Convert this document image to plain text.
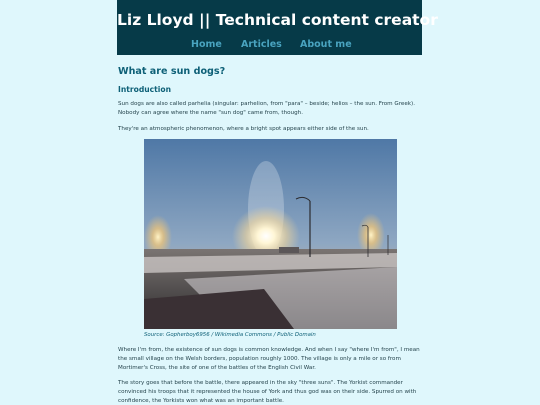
Liz Lloyd || Technical content creator
Home Articles About me
What are sun dogs?
Introduction

Sun dogs are also called parhelia (singular: parhelion, from "para" – beside; helios – the sun. From Greek). Nobody can agree where the name "sun dog" came from, though.

They're an atmospheric phenomenon, where a bright spot appears either side of the sun.

Source: Gopherboy6956 / Wikimedia Commons / Public Domain

Where I'm from, the existence of sun dogs is common knowledge. And when I say "where I'm from", I mean the small village on the Welsh borders, population roughly 1000. The village is only a mile or so from Mortimer's Cross, the site of one of the battles of the English Civil War.

The story goes that before the battle, there appeared in the sky "three suns". The Yorkist commander convinced his troops that it represented the house of York and thus god was on their side. Spurred on with confidence, the Yorkists won what was an important battle.
